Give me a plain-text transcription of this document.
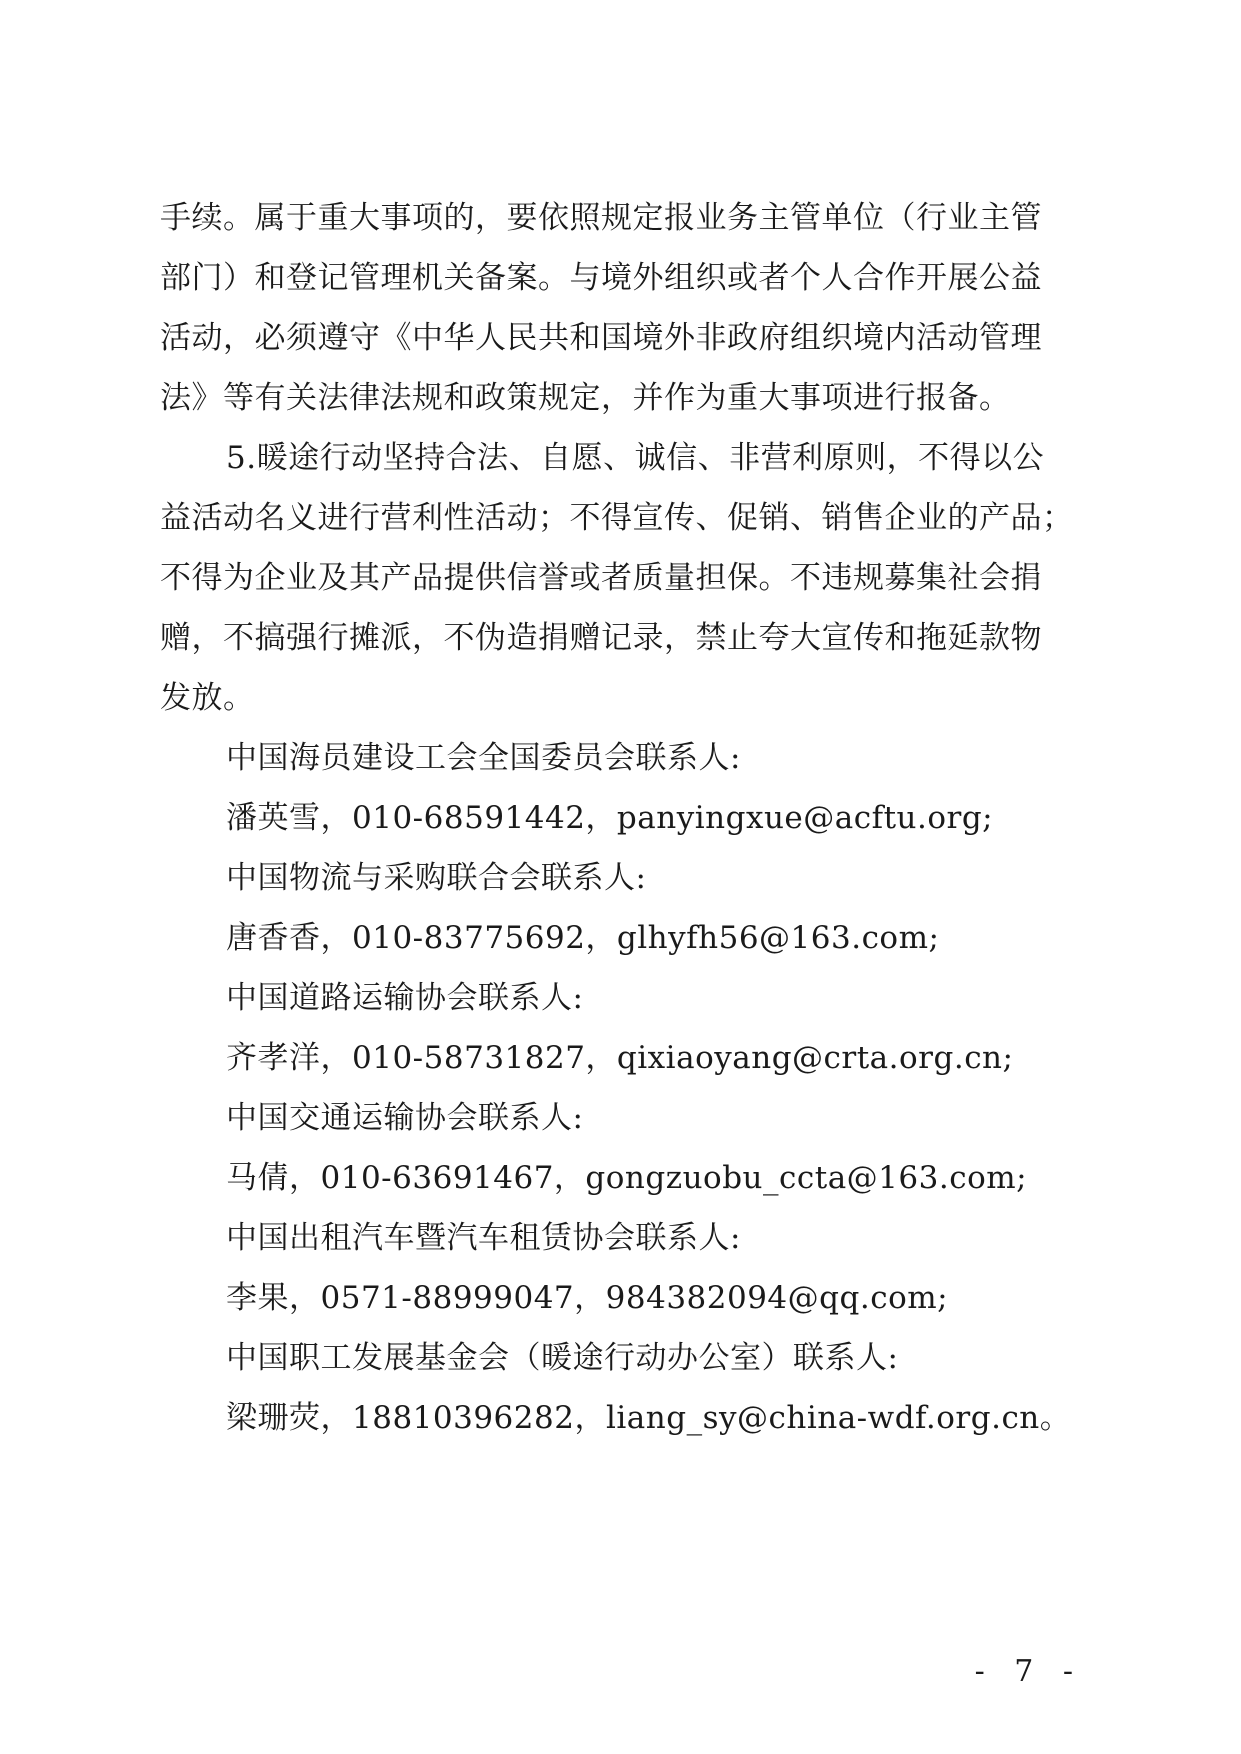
手续。属于重大事项的，要依照规定报业务主管单位（行业主管
部门）和登记管理机关备案。与境外组织或者个人合作开展公益
活动，必须遵守《中华人民共和国境外非政府组织境内活动管理
法》等有关法律法规和政策规定，并作为重大事项进行报备。
5.暖途行动坚持合法、自愿、诚信、非营利原则，不得以公
益活动名义进行营利性活动；不得宣传、促销、销售企业的产品；
不得为企业及其产品提供信誉或者质量担保。不违规募集社会捐
赠，不搞强行摊派，不伪造捐赠记录，禁止夸大宣传和拖延款物
发放。
中国海员建设工会全国委员会联系人:
潘英雪，010-68591442，panyingxue@acftu.org;
中国物流与采购联合会联系人:
唐香香，010-83775692，glhyfh56@163.com;
中国道路运输协会联系人:
齐孝洋，010-58731827，qixiaoyang@crta.org.cn;
中国交通运输协会联系人:
马倩，010-63691467，gongzuobu_ccta@163.com;
中国出租汽车暨汽车租赁协会联系人:
李果，0571-88999047，984382094@qq.com;
中国职工发展基金会（暖途行动办公室）联系人:
梁珊荧，18810396282，liang_sy@china-wdf.org.cn。
- 7 -
